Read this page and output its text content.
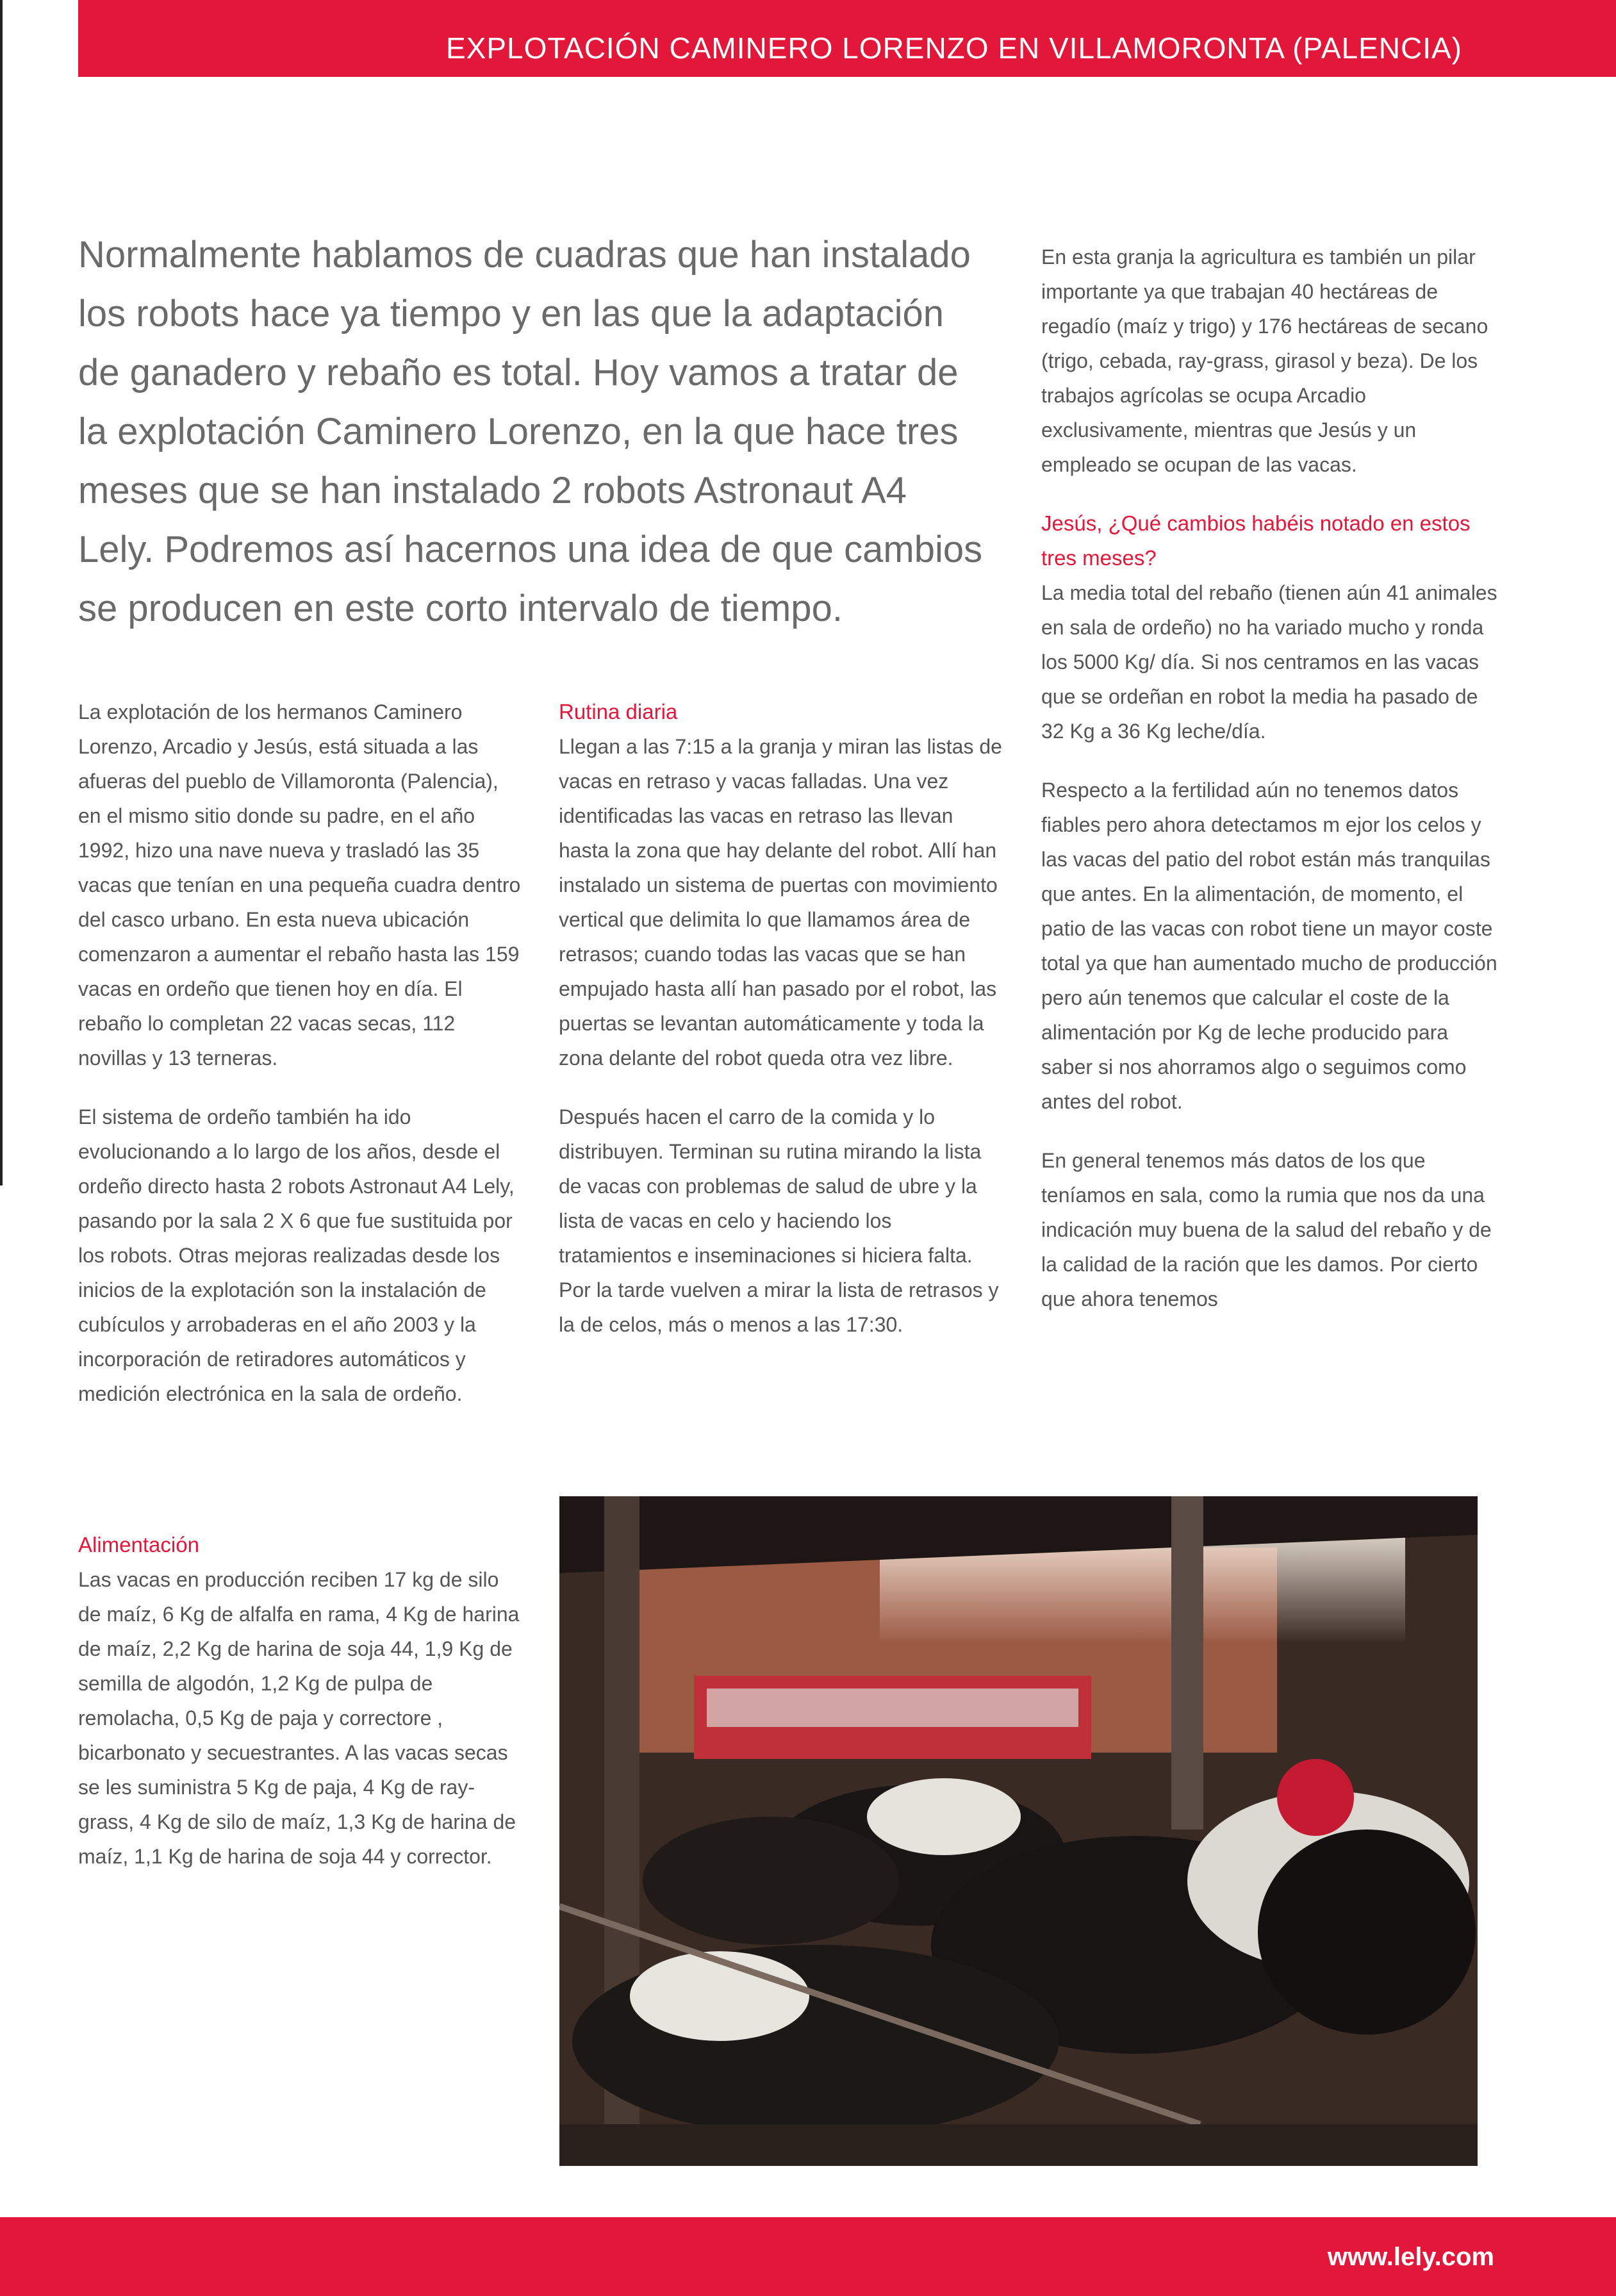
EXPLOTACIÓN CAMINERO LORENZO EN VILLAMORONTA (PALENCIA)
Normalmente hablamos de cuadras que han instalado los robots hace ya tiempo y en las que la adaptación de ganadero y rebaño es total. Hoy vamos a tratar de la explotación Caminero Lorenzo, en la que hace tres meses que se han instalado 2 robots Astronaut A4 Lely. Podremos así hacernos una idea de que cambios se producen en este corto intervalo de tiempo.

La explotación de los hermanos Caminero Lorenzo, Arcadio y Jesús, está situada a las afueras del pueblo de Villamoronta (Palencia), en el mismo sitio donde su padre, en el año 1992, hizo una nave nueva y trasladó las 35 vacas que tenían en una pequeña cuadra dentro del casco urbano. En esta nueva ubicación comenzaron a aumentar el rebaño hasta las 159 vacas en ordeño que tienen hoy en día. El rebaño lo completan 22 vacas secas, 112 novillas y 13 terneras.

El sistema de ordeño también ha ido evolucionando a lo largo de los años, desde el ordeño directo hasta 2 robots Astronaut A4 Lely, pasando por la sala 2 X 6 que fue sustituida por los robots. Otras mejoras realizadas desde los inicios de la explotación son la instalación de cubículos y arrobaderas en el año 2003 y la incorporación de retiradores automáticos y medición electrónica en la sala de ordeño.

Rutina diaria

Llegan a las 7:15 a la granja y miran las listas de vacas en retraso y vacas falladas. Una vez identificadas las vacas en retraso las llevan hasta la zona que hay delante del robot. Allí han instalado un sistema de puertas con movimiento vertical que delimita lo que llamamos área de retrasos; cuando todas las vacas que se han empujado hasta allí han pasado por el robot, las puertas se levantan automáticamente y toda la zona delante del robot queda otra vez libre.

Después hacen el carro de la comida y lo distribuyen. Terminan su rutina mirando la lista de vacas con problemas de salud de ubre y la lista de vacas en celo y haciendo los tratamientos e inseminaciones si hiciera falta. Por la tarde vuelven a mirar la lista de retrasos y la de celos, más o menos a las 17:30.

En esta granja la agricultura es también un pilar importante ya que trabajan 40 hectáreas de regadío (maíz y trigo) y 176 hectáreas de secano (trigo, cebada, ray-grass, girasol y beza). De los trabajos agrícolas se ocupa Arcadio exclusivamente, mientras que Jesús y un empleado se ocupan de las vacas.

Jesús, ¿Qué cambios habéis notado en estos tres meses?

La media total del rebaño (tienen aún 41 animales en sala de ordeño) no ha variado mucho y ronda los 5000 Kg/ día. Si nos centramos en las vacas que se ordeñan en robot la media ha pasado de 32 Kg a 36 Kg leche/día.

Respecto a la fertilidad aún no tenemos datos fiables pero ahora detectamos m ejor los celos y las vacas del patio del robot están más tranquilas que antes. En la alimentación, de momento, el patio de las vacas con robot tiene un mayor coste total ya que han aumentado mucho de producción pero aún tenemos que calcular el coste de la alimentación por Kg de leche producido para saber si nos ahorramos algo o seguimos como antes del robot.

En general tenemos más datos de los que teníamos en sala, como la rumia que nos da una indicación muy buena de la salud del rebaño y de la calidad de la ración que les damos. Por cierto que ahora tenemos

Alimentación

Las vacas en producción reciben 17 kg de silo de maíz, 6 Kg de alfalfa en rama, 4 Kg de harina de maíz, 2,2 Kg de harina de soja 44, 1,9 Kg de semilla de algodón, 1,2 Kg de pulpa de remolacha, 0,5 Kg de paja y correctore , bicarbonato y secuestrantes. A las vacas secas se les suministra 5 Kg de paja, 4 Kg de ray-grass, 4 Kg de silo de maíz, 1,3 Kg de harina de maíz, 1,1 Kg de harina de soja 44 y corrector.

www.lely.com
